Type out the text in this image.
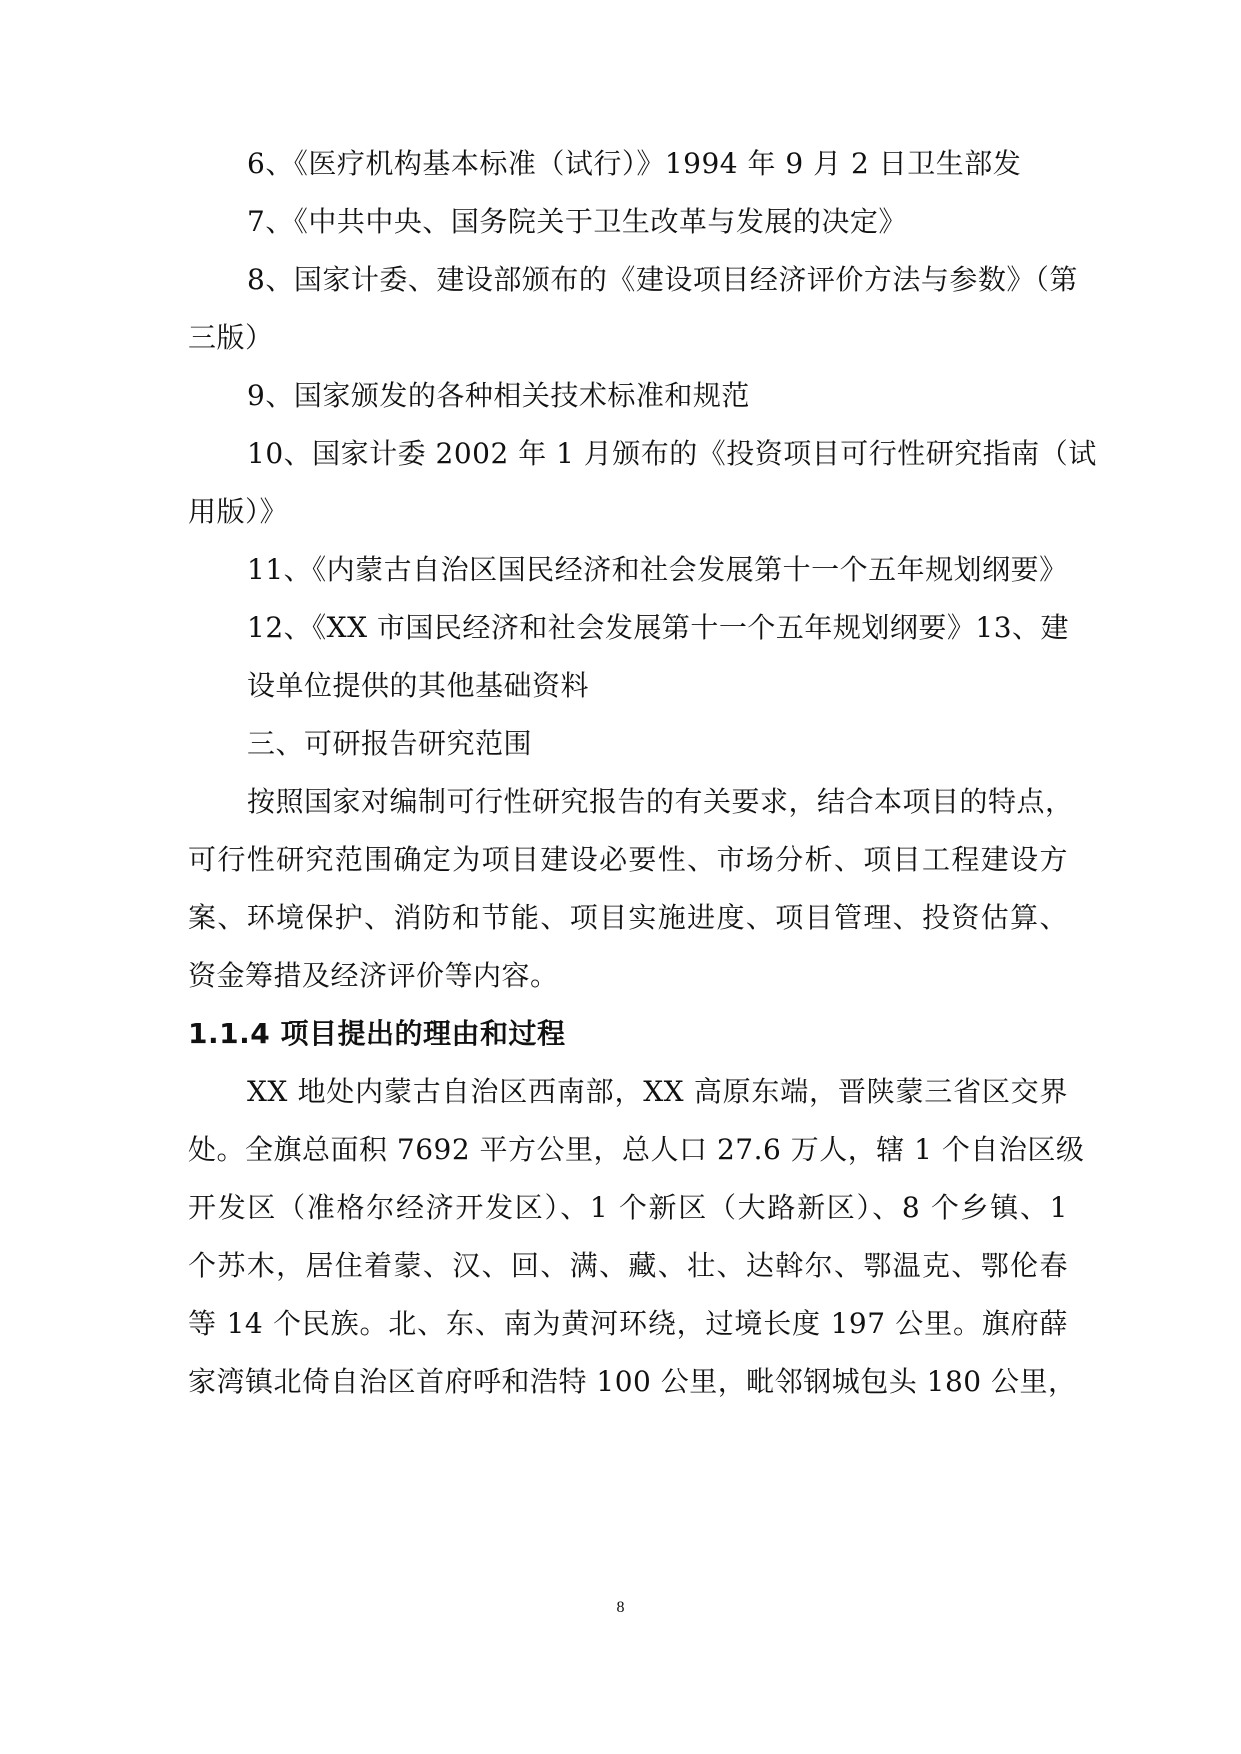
6、《医疗机构基本标准（试行）》1994 年 9 月 2 日卫生部发
7、《中共中央、国务院关于卫生改革与发展的决定》
8、国家计委、建设部颁布的《建设项目经济评价方法与参数》（第
三版）
9、国家颁发的各种相关技术标准和规范
10、国家计委 2002 年 1 月颁布的《投资项目可行性研究指南（试
用版）》
11、《内蒙古自治区国民经济和社会发展第十一个五年规划纲要》
12、《XX 市国民经济和社会发展第十一个五年规划纲要》13、建
设单位提供的其他基础资料
三、可研报告研究范围
按照国家对编制可行性研究报告的有关要求，结合本项目的特点，
可行性研究范围确定为项目建设必要性、市场分析、项目工程建设方
案、环境保护、消防和节能、项目实施进度、项目管理、投资估算、
资金筹措及经济评价等内容。
1.1.4 项目提出的理由和过程
XX 地处内蒙古自治区西南部，XX 高原东端，晋陕蒙三省区交界
处。全旗总面积 7692 平方公里，总人口 27.6 万人，辖 1 个自治区级
开发区（准格尔经济开发区）、1 个新区（大路新区）、8 个乡镇、1
个苏木，居住着蒙、汉、回、满、藏、壮、达斡尔、鄂温克、鄂伦春
等 14 个民族。北、东、南为黄河环绕，过境长度 197 公里。旗府薛
家湾镇北倚自治区首府呼和浩特 100 公里，毗邻钢城包头 180 公里，
8
